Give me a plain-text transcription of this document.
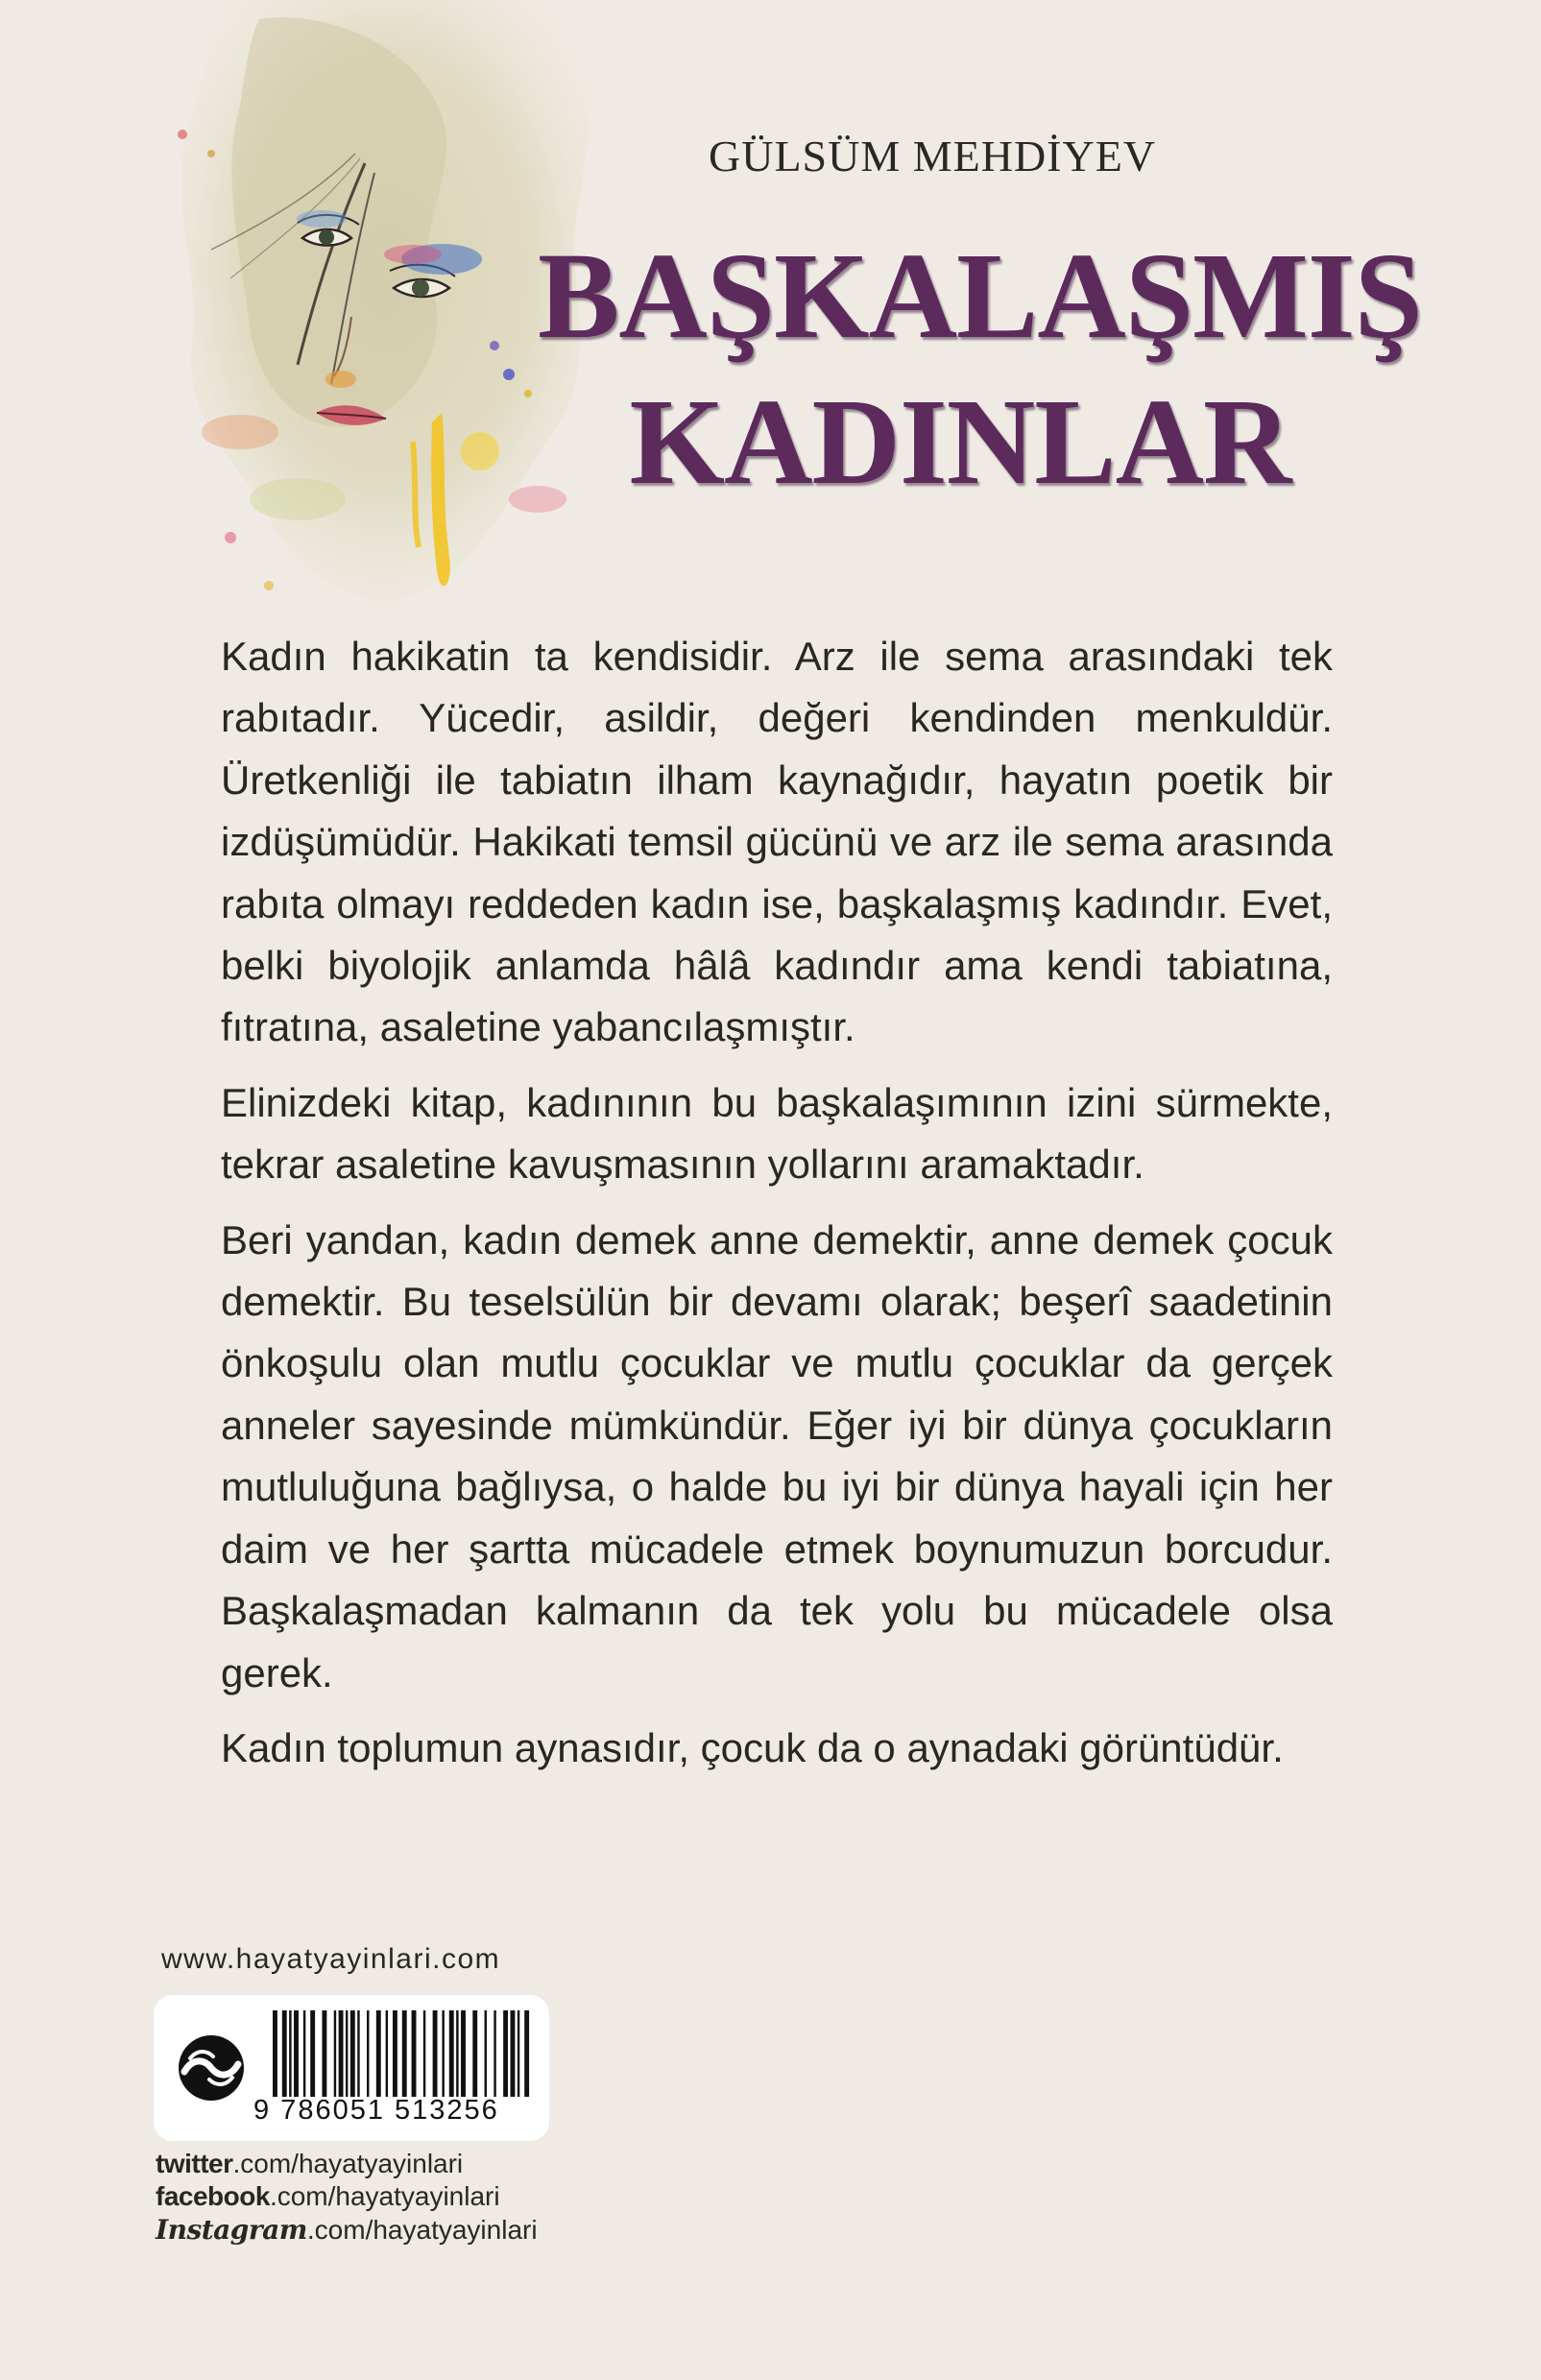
GÜLSÜM MEHDİYEV
BAŞKALAŞMIŞ
KADINLAR

Kadın hakikatin ta kendisidir. Arz ile sema arasındaki tek rabıtadır. Yücedir, asildir, değeri kendinden menkuldür. Üretkenliği ile tabiatın ilham kaynağıdır, hayatın poetik bir izdüşümüdür. Hakikati temsil gücünü ve arz ile sema arasında rabıta olmayı reddeden kadın ise, başkalaşmış kadındır. Evet, belki biyolojik anlamda hâlâ kadındır ama kendi tabiatına, fıtratına, asaletine yabancılaşmıştır.

Elinizdeki kitap, kadınının bu başkalaşımının izini sürmekte, tekrar asaletine kavuşmasının yollarını aramaktadır.

Beri yandan, kadın demek anne demektir, anne demek çocuk demektir. Bu teselsülün bir devamı olarak; beşerî saadetinin önkoşulu olan mutlu çocuklar ve mutlu çocuklar da gerçek anneler sayesinde mümkündür. Eğer iyi bir dünya çocukların mutluluğuna bağlıysa, o halde bu iyi bir dünya hayali için her daim ve her şartta mücadele etmek boynumuzun borcudur. Başkalaşmadan kalmanın da tek yolu bu mücadele olsa gerek.

Kadın toplumun aynasıdır, çocuk da o aynadaki görüntüdür.

www.hayatyayinlari.com
9 786051 513256
twitter.com/hayatyayinlari
facebook.com/hayatyayinlari
Instagram.com/hayatyayinlari
